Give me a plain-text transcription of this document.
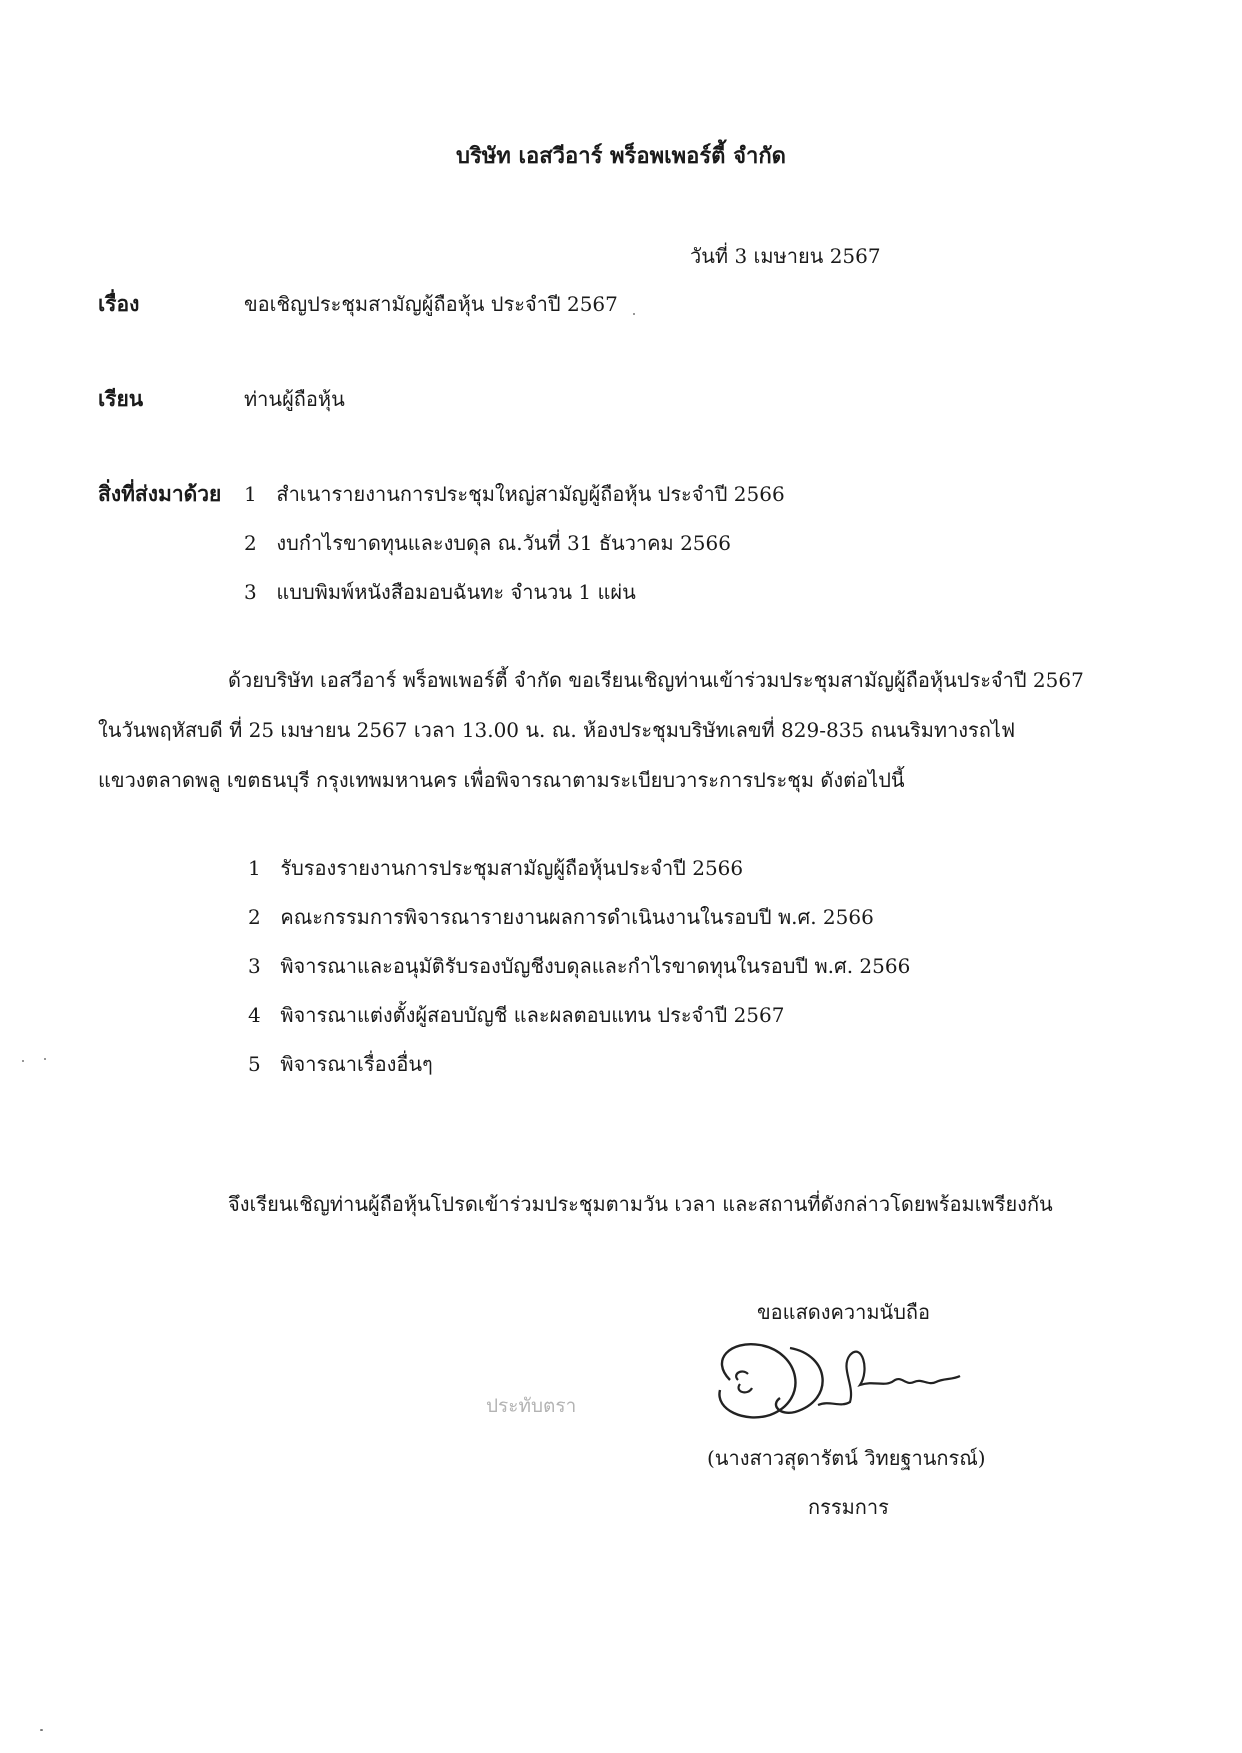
บริษัท เอสวีอาร์ พร็อพเพอร์ตี้ จำกัด
วันที่ 3 เมษายน 2567
เรื่อง	ขอเชิญประชุมสามัญผู้ถือหุ้น ประจำปี 2567
เรียน	ท่านผู้ถือหุ้น
สิ่งที่ส่งมาด้วย 1 สำเนารายงานการประชุมใหญ่สามัญผู้ถือหุ้น ประจำปี 2566
2 งบกำไรขาดทุนและงบดุล ณ.วันที่ 31 ธันวาคม 2566
3 แบบพิมพ์หนังสือมอบฉันทะ จำนวน 1 แผ่น
ด้วยบริษัท เอสวีอาร์ พร็อพเพอร์ตี้ จำกัด ขอเรียนเชิญท่านเข้าร่วมประชุมสามัญผู้ถือหุ้นประจำปี 2567
ในวันพฤหัสบดี ที่ 25 เมษายน 2567 เวลา 13.00 น. ณ. ห้องประชุมบริษัทเลขที่ 829-835 ถนนริมทางรถไฟ
แขวงตลาดพลู เขตธนบุรี กรุงเทพมหานคร เพื่อพิจารณาตามระเบียบวาระการประชุม ดังต่อไปนี้
1 รับรองรายงานการประชุมสามัญผู้ถือหุ้นประจำปี 2566
2 คณะกรรมการพิจารณารายงานผลการดำเนินงานในรอบปี พ.ศ. 2566
3 พิจารณาและอนุมัติรับรองบัญชีงบดุลและกำไรขาดทุนในรอบปี พ.ศ. 2566
4 พิจารณาแต่งตั้งผู้สอบบัญชี และผลตอบแทน ประจำปี 2567
5 พิจารณาเรื่องอื่นๆ
จึงเรียนเชิญท่านผู้ถือหุ้นโปรดเข้าร่วมประชุมตามวัน เวลา และสถานที่ดังกล่าวโดยพร้อมเพรียงกัน
ขอแสดงความนับถือ
ประทับตรา
(นางสาวสุดารัตน์ วิทยฐานกรณ์)
กรรมการ
